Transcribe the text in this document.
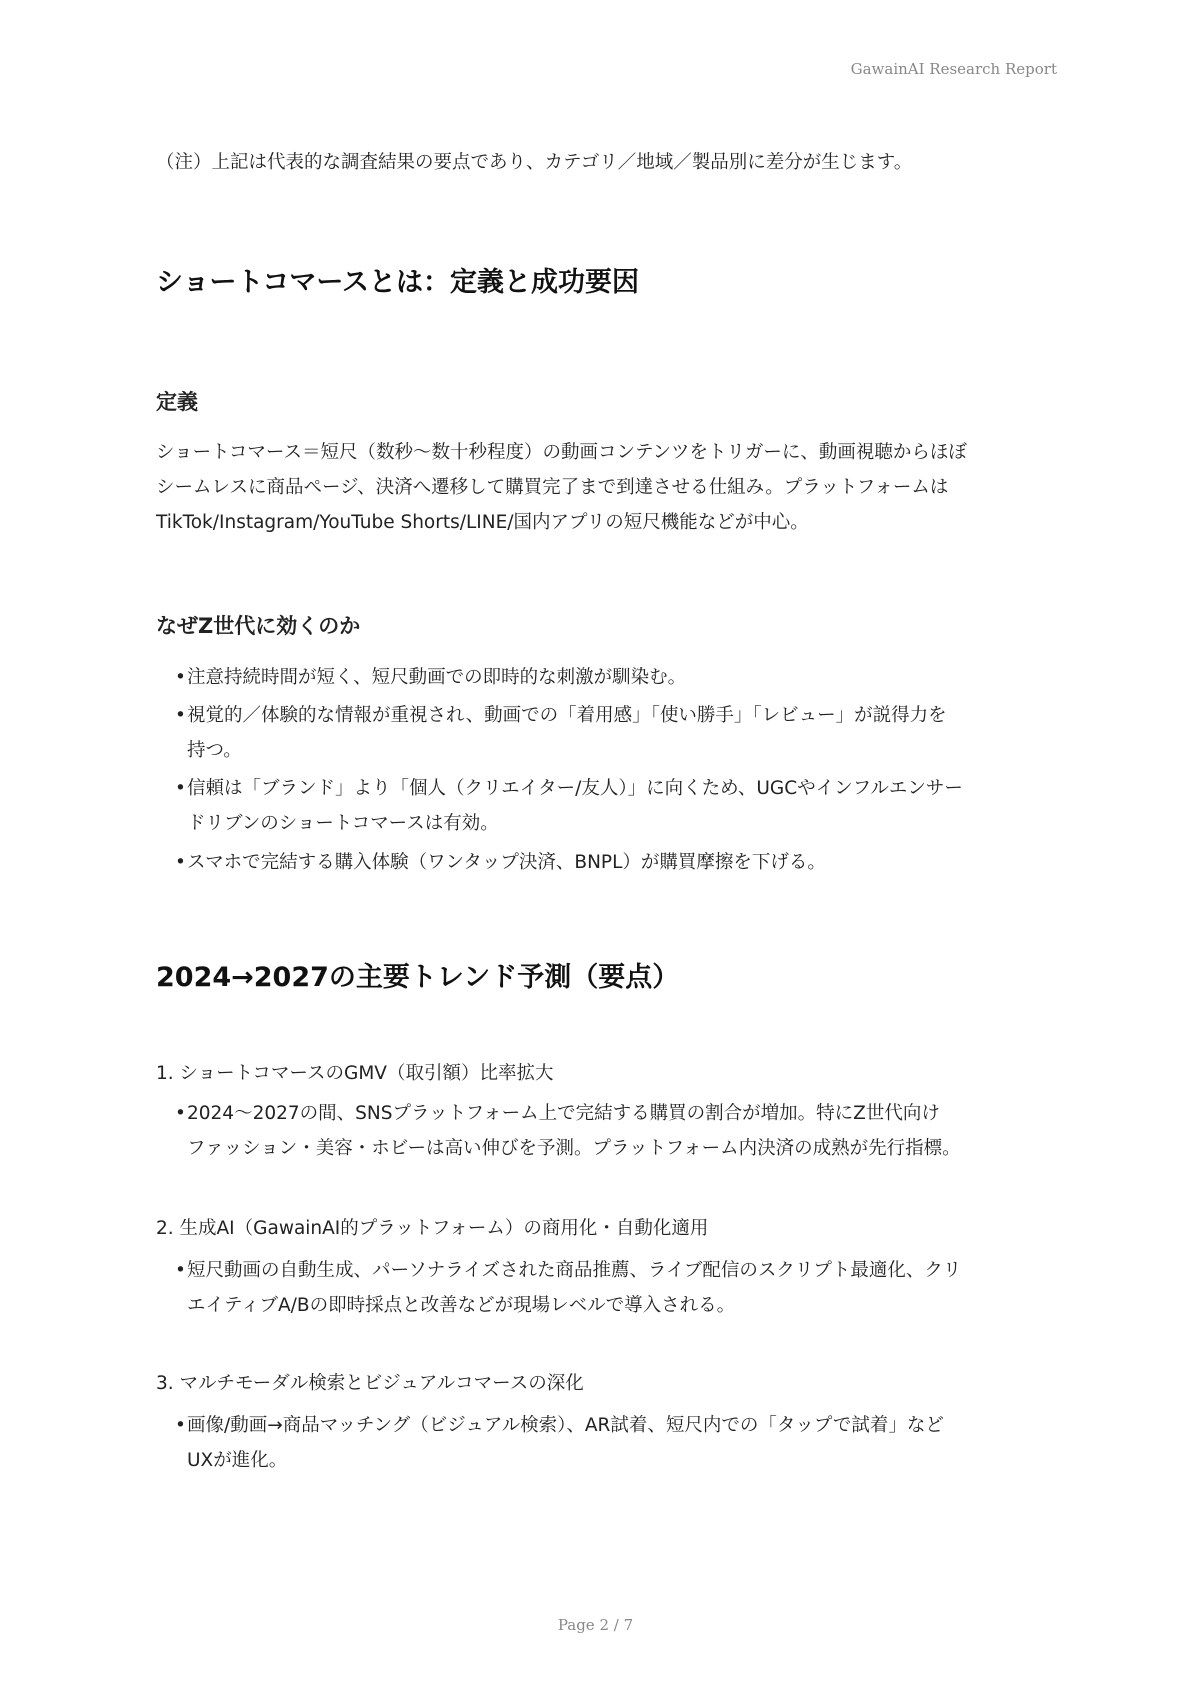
GawainAI Research Report
（注）上記は代表的な調査結果の要点であり、カテゴリ／地域／製品別に差分が生じます。
ショートコマースとは：定義と成功要因
定義
ショートコマース＝短尺（数秒〜数十秒程度）の動画コンテンツをトリガーに、動画視聴からほぼ
シームレスに商品ページ、決済へ遷移して購買完了まで到達させる仕組み。プラットフォームは
TikTok/Instagram/YouTube Shorts/LINE/国内アプリの短尺機能などが中心。
なぜZ世代に効くのか
• 注意持続時間が短く、短尺動画での即時的な刺激が馴染む。
• 視覚的／体験的な情報が重視され、動画での「着用感」「使い勝手」「レビュー」が説得力を
持つ。
• 信頼は「ブランド」より「個人（クリエイター/友人）」に向くため、UGCやインフルエンサー
ドリブンのショートコマースは有効。
• スマホで完結する購入体験（ワンタップ決済、BNPL）が購買摩擦を下げる。
2024→2027の主要トレンド予測（要点）
1. ショートコマースのGMV（取引額）比率拡大
• 2024〜2027の間、SNSプラットフォーム上で完結する購買の割合が増加。特にZ世代向け
ファッション・美容・ホビーは高い伸びを予測。プラットフォーム内決済の成熟が先行指標。
2. 生成AI（GawainAI的プラットフォーム）の商用化・自動化適用
• 短尺動画の自動生成、パーソナライズされた商品推薦、ライブ配信のスクリプト最適化、クリ
エイティブA/Bの即時採点と改善などが現場レベルで導入される。
3. マルチモーダル検索とビジュアルコマースの深化
• 画像/動画→商品マッチング（ビジュアル検索）、AR試着、短尺内での「タップで試着」など
UXが進化。
Page 2 / 7
